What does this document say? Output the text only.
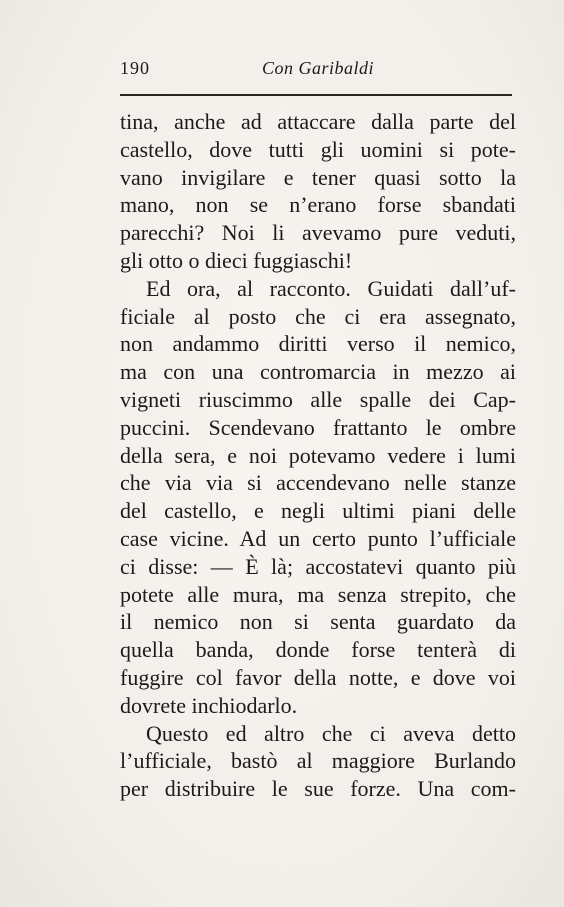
190	Con Garibaldi
tina, anche ad attaccare dalla parte del
castello, dove tutti gli uomini si pote-
vano invigilare e tener quasi sotto la
mano, non se n’erano forse sbandati
parecchi? Noi li avevamo pure veduti,
gli otto o dieci fuggiaschi!
Ed ora, al racconto. Guidati dall’uf-
ficiale al posto che ci era assegnato,
non andammo diritti verso il nemico,
ma con una contromarcia in mezzo ai
vigneti riuscimmo alle spalle dei Cap-
puccini. Scendevano frattanto le ombre
della sera, e noi potevamo vedere i lumi
che via via si accendevano nelle stanze
del castello, e negli ultimi piani delle
case vicine. Ad un certo punto l’ufficiale
ci disse: — È là; accostatevi quanto più
potete alle mura, ma senza strepito, che
il nemico non si senta guardato da
quella banda, donde forse tenterà di
fuggire col favor della notte, e dove voi
dovrete inchiodarlo.
Questo ed altro che ci aveva detto
l’ufficiale, bastò al maggiore Burlando
per distribuire le sue forze. Una com-
